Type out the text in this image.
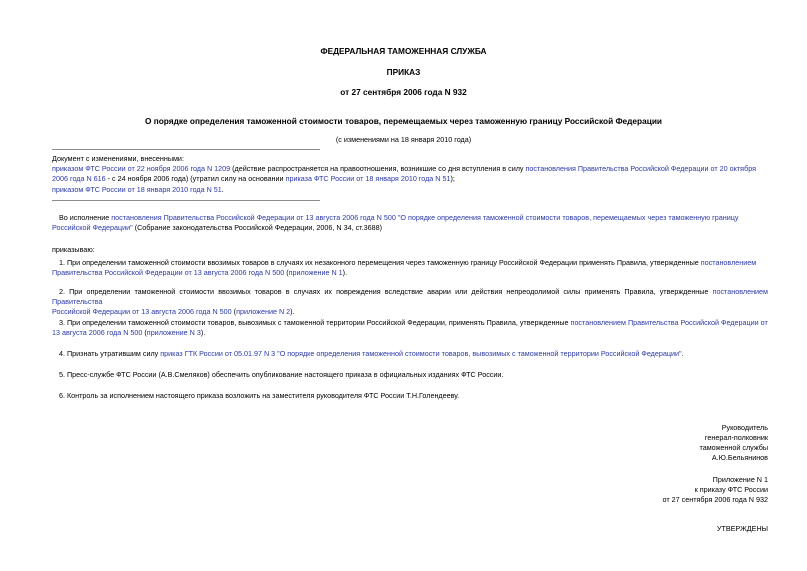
ФЕДЕРАЛЬНАЯ ТАМОЖЕННАЯ СЛУЖБА
ПРИКАЗ
от 27 сентября 2006 года N 932
О порядке определения таможенной стоимости товаров, перемещаемых через таможенную границу Российской Федерации
(с изменениями на 18 января 2010 года)
Документ с изменениями, внесенными:
приказом ФТС России от 22 ноября 2006 года N 1209 (действие распространяется на правоотношения, возникшие со дня вступления в силу постановления Правительства Российской Федерации от 20 октября
2006 года N 616 - с 24 ноября 2006 года) (утратил силу на основании приказа ФТС России от 18 января 2010 года N 51);
приказом ФТС России от 18 января 2010 года N 51.
Во исполнение постановления Правительства Российской Федерации от 13 августа 2006 года N 500 "О порядке определения таможенной стоимости товаров, перемещаемых через таможенную границу
Российской Федерации" (Собрание законодательства Российской Федерации, 2006, N 34, ст.3688)
приказываю:
1. При определении таможенной стоимости ввозимых товаров в случаях их незаконного перемещения через таможенную границу Российской Федерации применять Правила, утвержденные постановлением
Правительства Российской Федерации от 13 августа 2006 года N 500 (приложение N 1).
2. При определении таможенной стоимости ввозимых товаров в случаях их повреждения вследствие аварии или действия непреодолимой силы применять Правила, утвержденные постановлением Правительства
Российской Федерации от 13 августа 2006 года N 500 (приложение N 2).
3. При определении таможенной стоимости товаров, вывозимых с таможенной территории Российской Федерации, применять Правила, утвержденные постановлением Правительства Российской Федерации от
13 августа 2006 года N 500 (приложение N 3).
4. Признать утратившим силу приказ ГТК России от 05.01.97 N 3 "О порядке определения таможенной стоимости товаров, вывозимых с таможенной территории Российской Федерации".
5. Пресс-службе ФТС России (А.В.Смеляков) обеспечить опубликование настоящего приказа в официальных изданиях ФТС России.
6. Контроль за исполнением настоящего приказа возложить на заместителя руководителя ФТС России Т.Н.Голендееву.
Руководитель
генерал-полковник
таможенной службы
А.Ю.Бельянинов
Приложение N 1
к приказу ФТС России
от 27 сентября 2006 года N 932
УТВЕРЖДЕНЫ
